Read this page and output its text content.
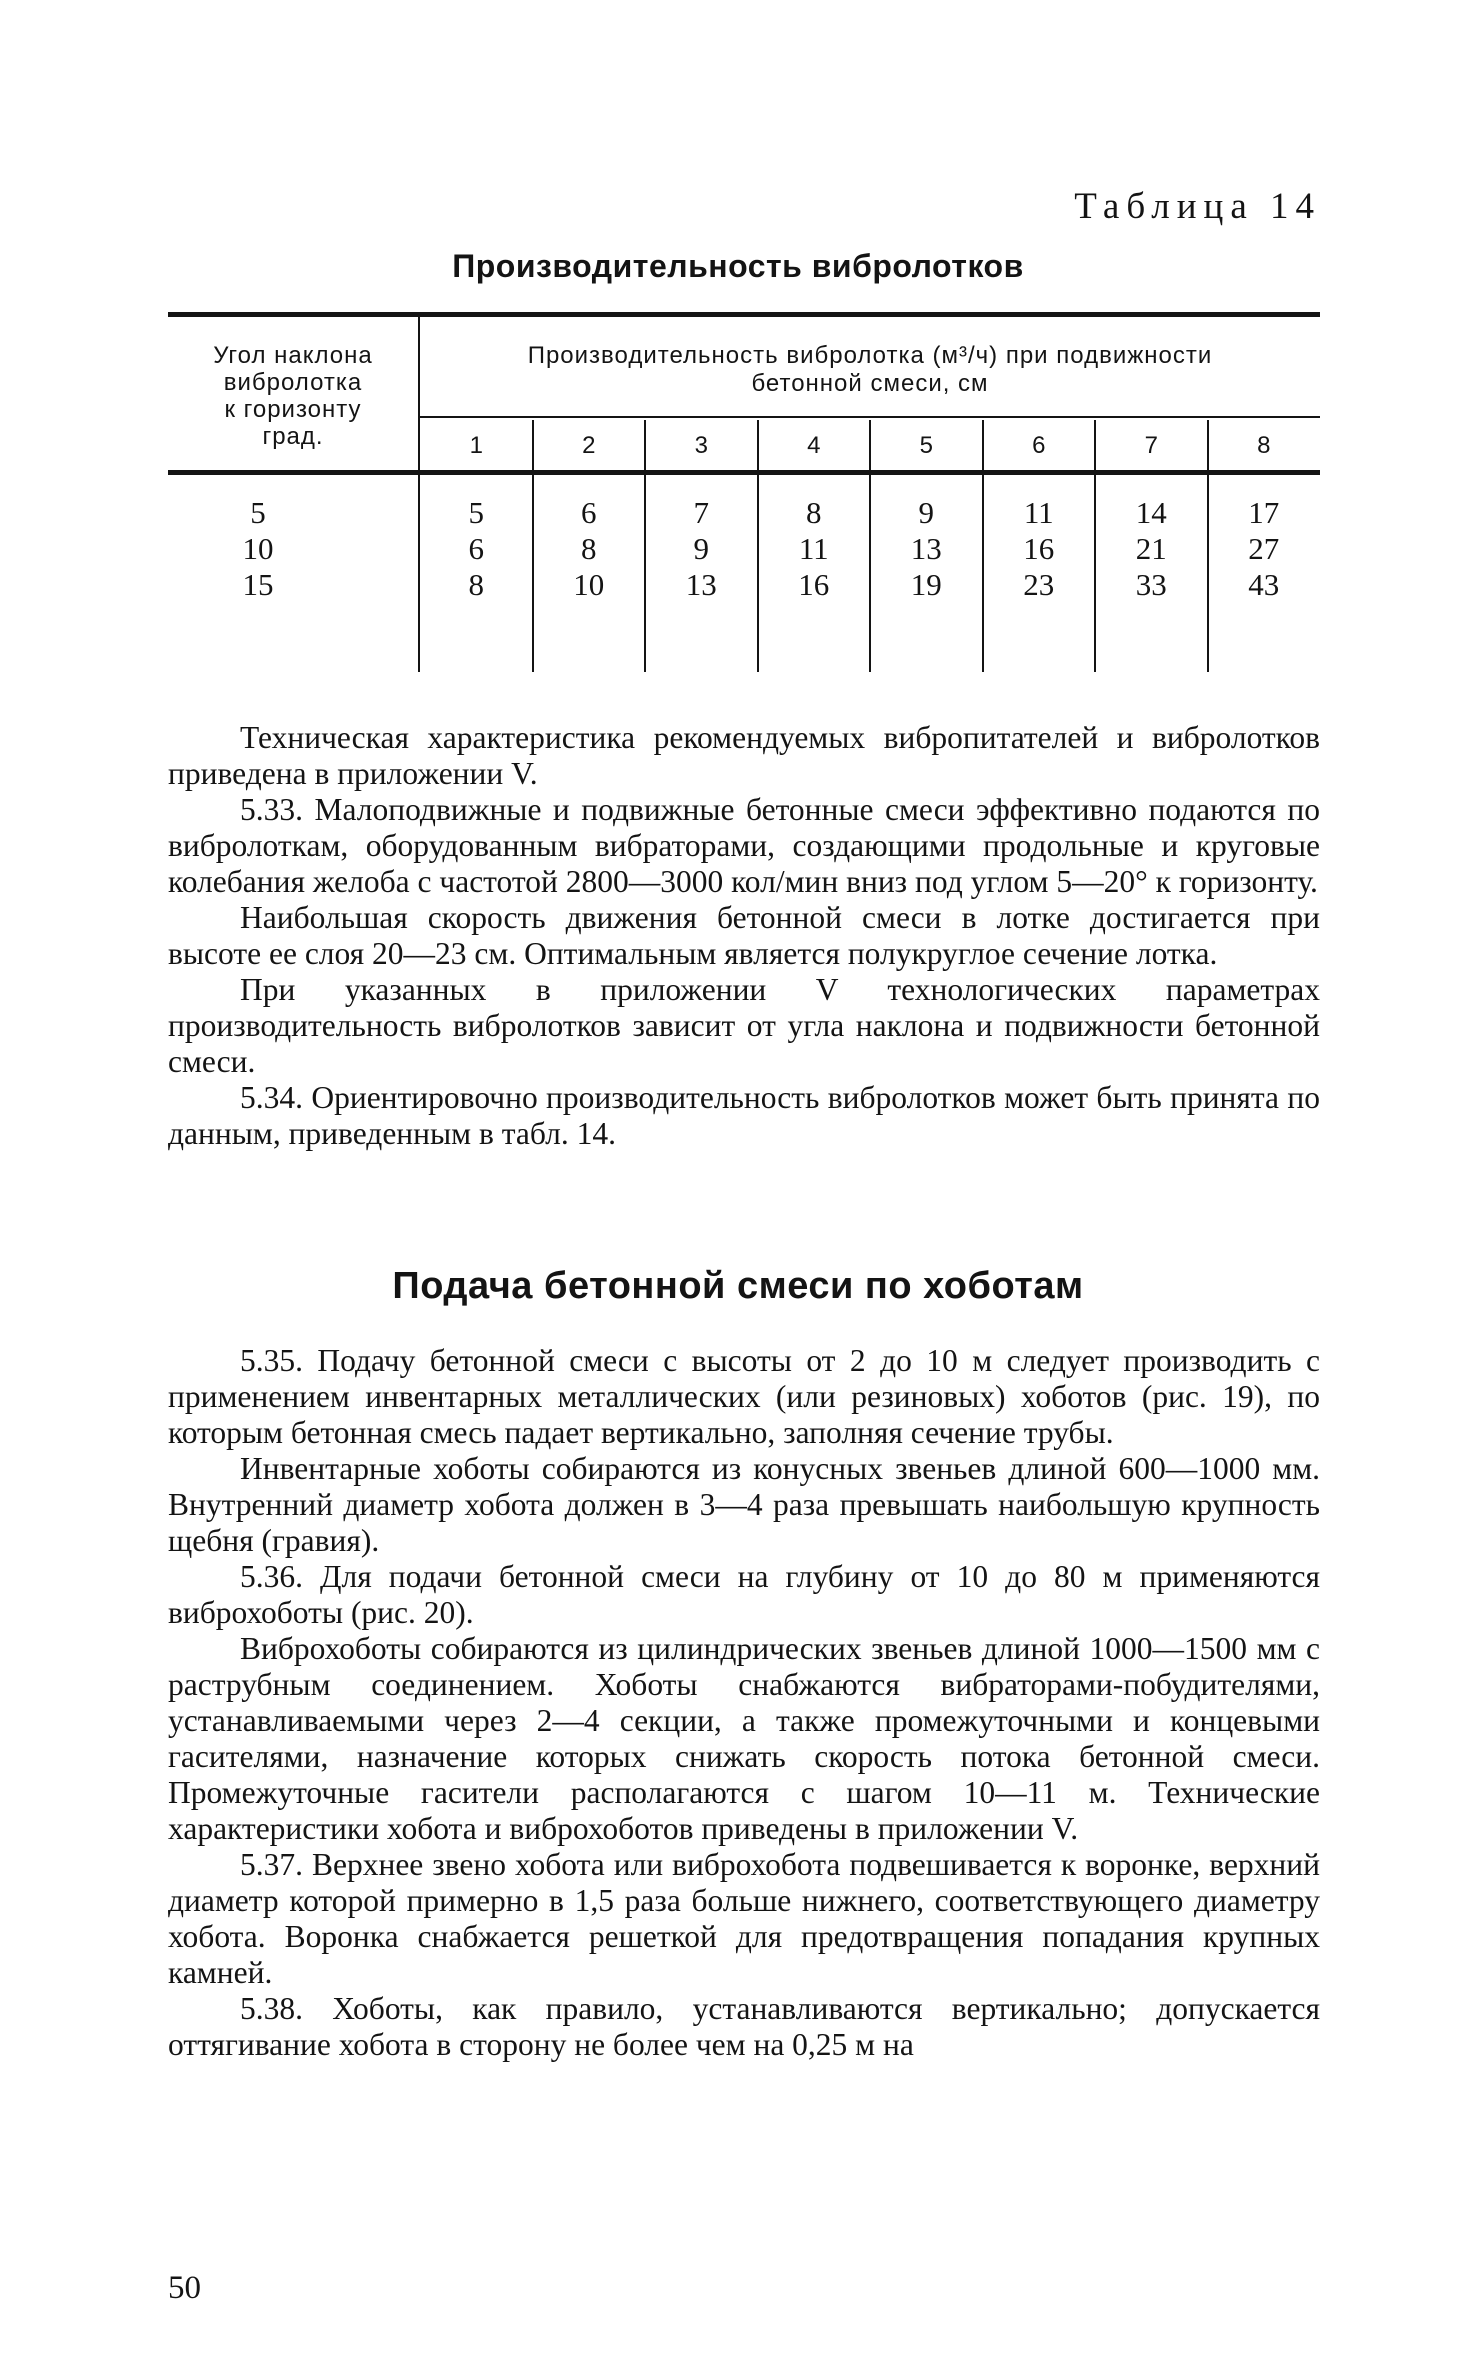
Таблица 14
Производительность вибролотков
Угол наклона
вибролотка
к горизонту
град.
Производительность вибролотка (м³/ч) при подвижности
бетонной смеси, см
1	2	3	4	5	6	7	8
5	5	6	7	8	9	11	14	17
10	6	8	9	11	13	16	21	27
15	8	10	13	16	19	23	33	43

Техническая характеристика рекомендуемых вибропитателей и вибролотков приведена в приложении V.

5.33. Малоподвижные и подвижные бетонные смеси эффективно подаются по вибролоткам, оборудованным вибраторами, создающими продольные и круговые колебания желоба с частотой 2800—3000 кол/мин вниз под углом 5—20° к горизонту.

Наибольшая скорость движения бетонной смеси в лотке достигается при высоте ее слоя 20—23 см. Оптимальным является полукруглое сечение лотка.

При указанных в приложении V технологических параметрах производительность вибролотков зависит от угла наклона и подвижности бетонной смеси.

5.34. Ориентировочно производительность вибролотков может быть принята по данным, приведенным в табл. 14.

Подача бетонной смеси по хоботам

5.35. Подачу бетонной смеси с высоты от 2 до 10 м следует производить с применением инвентарных металлических (или резиновых) хоботов (рис. 19), по которым бетонная смесь падает вертикально, заполняя сечение трубы.

Инвентарные хоботы собираются из конусных звеньев длиной 600—1000 мм. Внутренний диаметр хобота должен в 3—4 раза превышать наибольшую крупность щебня (гравия).

5.36. Для подачи бетонной смеси на глубину от 10 до 80 м применяются виброхоботы (рис. 20).

Виброхоботы собираются из цилиндрических звеньев длиной 1000—1500 мм с раструбным соединением. Хоботы снабжаются вибраторами-побудителями, устанавливаемыми через 2—4 секции, а также промежуточными и концевыми гасителями, назначение которых снижать скорость потока бетонной смеси. Промежуточные гасители располагаются с шагом 10—11 м. Технические характеристики хобота и виброхоботов приведены в приложении V.

5.37. Верхнее звено хобота или виброхобота подвешивается к воронке, верхний диаметр которой примерно в 1,5 раза больше нижнего, соответствующего диаметру хобота. Воронка снабжается решеткой для предотвращения попадания крупных камней.

5.38. Хоботы, как правило, устанавливаются вертикально; допускается оттягивание хобота в сторону не более чем на 0,25 м на

50
